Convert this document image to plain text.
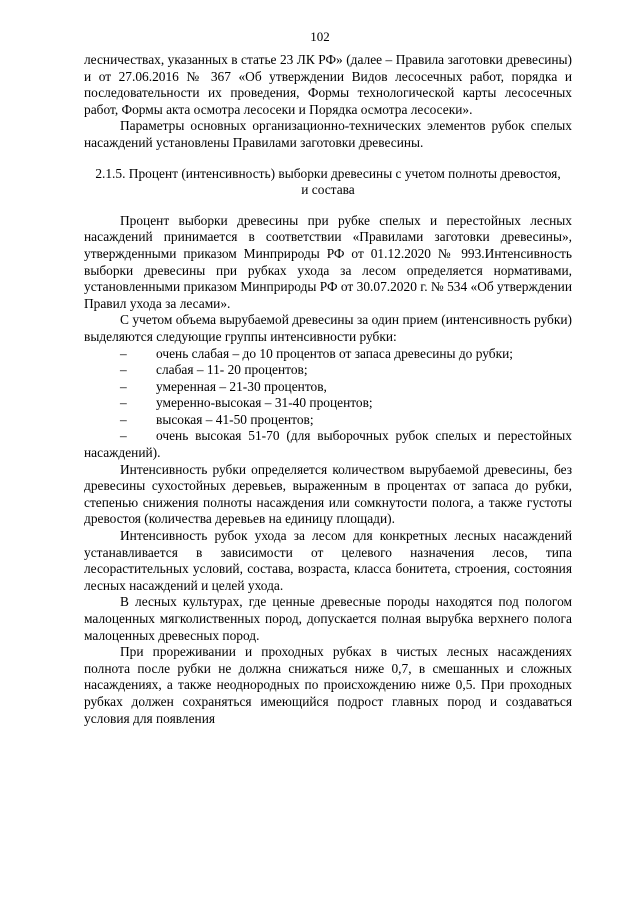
102

лесничествах, указанных в статье 23 ЛК РФ» (далее – Правила заготовки древесины) и от 27.06.2016 № 367 «Об утверждении Видов лесосечных работ, порядка и последовательности их проведения, Формы технологической карты лесосечных работ, Формы акта осмотра лесосеки и Порядка осмотра лесосеки».

Параметры основных организационно-технических элементов рубок спелых насаждений установлены Правилами заготовки древесины.

2.1.5. Процент (интенсивность) выборки древесины с учетом полноты древостоя, и состава

Процент выборки древесины при рубке спелых и перестойных лесных насаждений принимается в соответствии «Правилами заготовки древесины», утвержденными приказом Минприроды РФ от 01.12.2020 № 993.Интенсивность выборки древесины при рубках ухода за лесом определяется нормативами, установленными приказом Минприроды РФ от 30.07.2020 г. № 534 «Об утверждении Правил ухода за лесами».

С учетом объема вырубаемой древесины за один прием (интенсивность рубки) выделяются следующие группы интенсивности рубки:

– очень слабая – до 10 процентов от запаса древесины до рубки;
– слабая – 11- 20 процентов;
– умеренная – 21-30 процентов,
– умеренно-высокая – 31-40 процентов;
– высокая – 41-50 процентов;
– очень высокая 51-70 (для выборочных рубок спелых и перестойных насаждений).

Интенсивность рубки определяется количеством вырубаемой древесины, без древесины сухостойных деревьев, выраженным в процентах от запаса до рубки, степенью снижения полноты насаждения или сомкнутости полога, а также густоты древостоя (количества деревьев на единицу площади).

Интенсивность рубок ухода за лесом для конкретных лесных насаждений устанавливается в зависимости от целевого назначения лесов, типа лесорастительных условий, состава, возраста, класса бонитета, строения, состояния лесных насаждений и целей ухода.

В лесных культурах, где ценные древесные породы находятся под пологом малоценных мягколиственных пород, допускается полная вырубка верхнего полога малоценных древесных пород.

При прореживании и проходных рубках в чистых лесных насаждениях полнота после рубки не должна снижаться ниже 0,7, в смешанных и сложных насаждениях, а также неоднородных по происхождению ниже 0,5. При проходных рубках должен сохраняться имеющийся подрост главных пород и создаваться условия для появления
